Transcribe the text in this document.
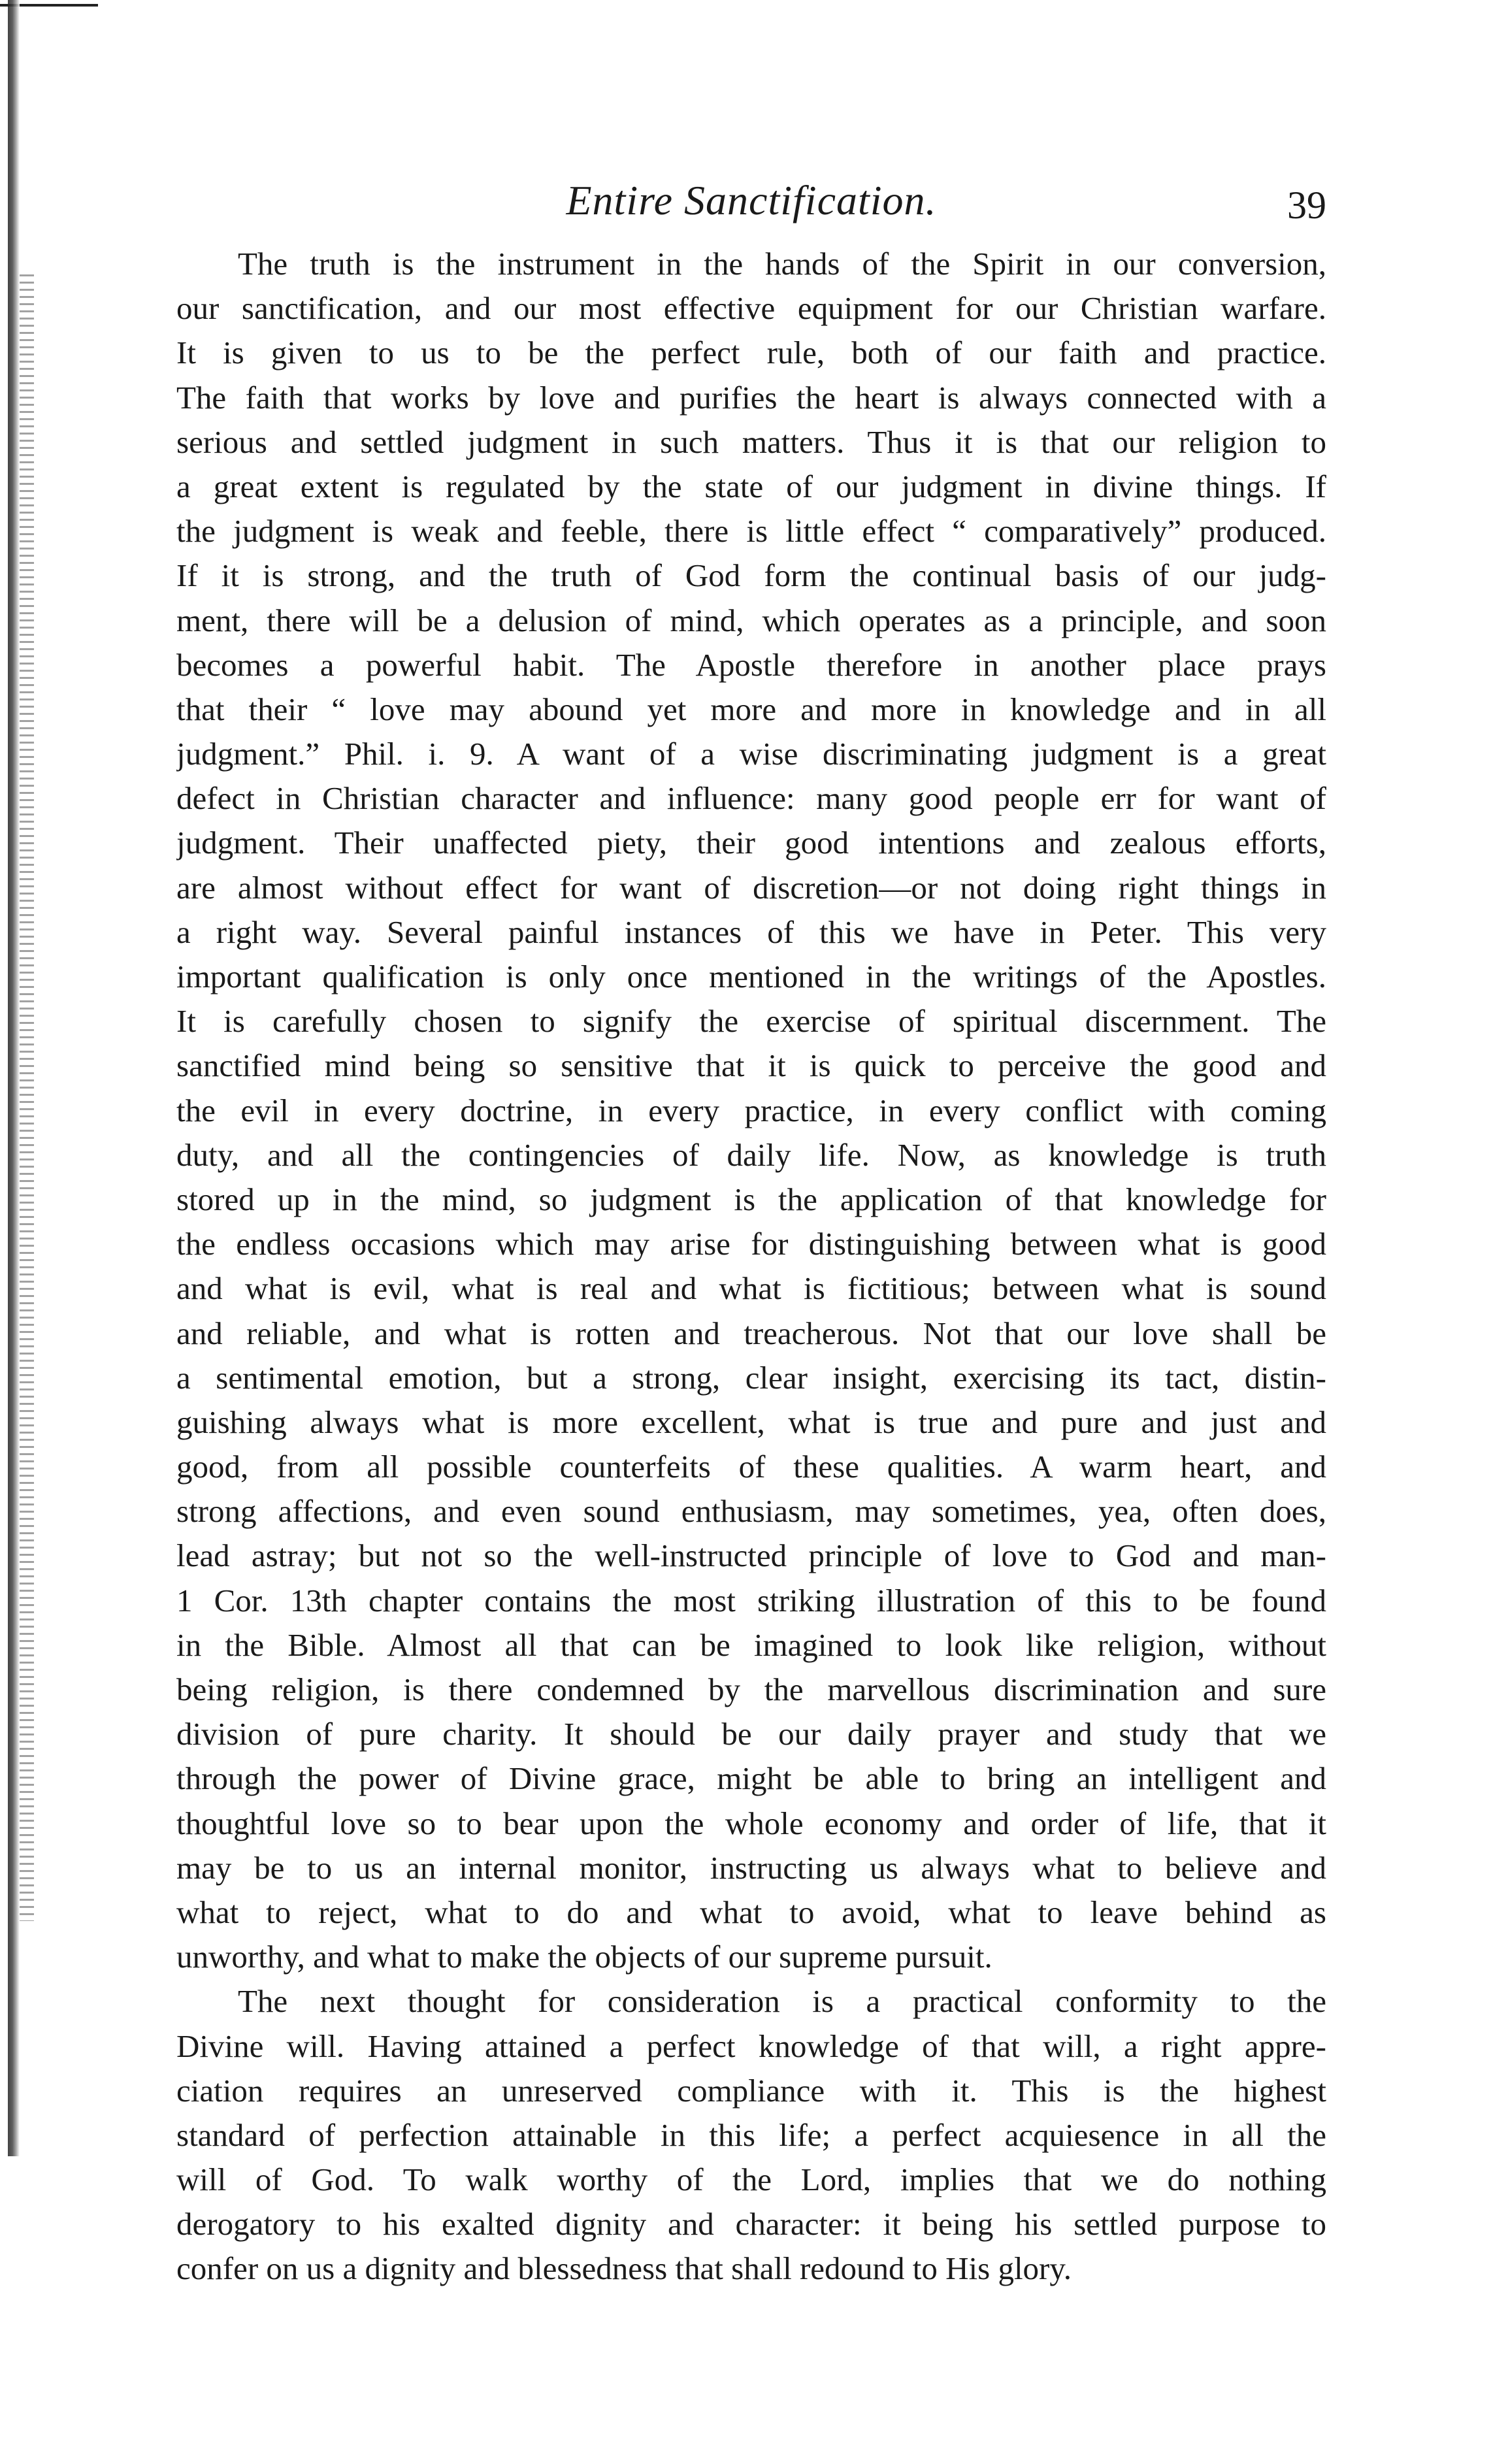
Entire Sanctification.	39
The truth is the instrument in the hands of the Spirit in our conversion,
our sanctification, and our most effective equipment for our Christian warfare.
It is given to us to be the perfect rule, both of our faith and practice.
The faith that works by love and purifies the heart is always connected with a
serious and settled judgment in such matters. Thus it is that our religion to
a great extent is regulated by the state of our judgment in divine things. If
the judgment is weak and feeble, there is little effect “ comparatively” produced.
If it is strong, and the truth of God form the continual basis of our judg-
ment, there will be a delusion of mind, which operates as a principle, and soon
becomes a powerful habit. The Apostle therefore in another place prays
that their “ love may abound yet more and more in knowledge and in all
judgment.” Phil. i. 9. A want of a wise discriminating judgment is a great
defect in Christian character and influence: many good people err for want of
judgment. Their unaffected piety, their good intentions and zealous efforts,
are almost without effect for want of discretion—or not doing right things in
a right way. Several painful instances of this we have in Peter. This very
important qualification is only once mentioned in the writings of the Apostles.
It is carefully chosen to signify the exercise of spiritual discernment. The
sanctified mind being so sensitive that it is quick to perceive the good and
the evil in every doctrine, in every practice, in every conflict with coming
duty, and all the contingencies of daily life. Now, as knowledge is truth
stored up in the mind, so judgment is the application of that knowledge for
the endless occasions which may arise for distinguishing between what is good
and what is evil, what is real and what is fictitious; between what is sound
and reliable, and what is rotten and treacherous. Not that our love shall be
a sentimental emotion, but a strong, clear insight, exercising its tact, distin-
guishing always what is more excellent, what is true and pure and just and
good, from all possible counterfeits of these qualities. A warm heart, and
strong affections, and even sound enthusiasm, may sometimes, yea, often does,
lead astray; but not so the well-instructed principle of love to God and man-
1 Cor. 13th chapter contains the most striking illustration of this to be found
in the Bible. Almost all that can be imagined to look like religion, without
being religion, is there condemned by the marvellous discrimination and sure
division of pure charity. It should be our daily prayer and study that we
through the power of Divine grace, might be able to bring an intelligent and
thoughtful love so to bear upon the whole economy and order of life, that it
may be to us an internal monitor, instructing us always what to believe and
what to reject, what to do and what to avoid, what to leave behind as
unworthy, and what to make the objects of our supreme pursuit.
The next thought for consideration is a practical conformity to the
Divine will. Having attained a perfect knowledge of that will, a right appre-
ciation requires an unreserved compliance with it. This is the highest
standard of perfection attainable in this life; a perfect acquiesence in all the
will of God. To walk worthy of the Lord, implies that we do nothing
derogatory to his exalted dignity and character: it being his settled purpose to
confer on us a dignity and blessedness that shall redound to His glory.
